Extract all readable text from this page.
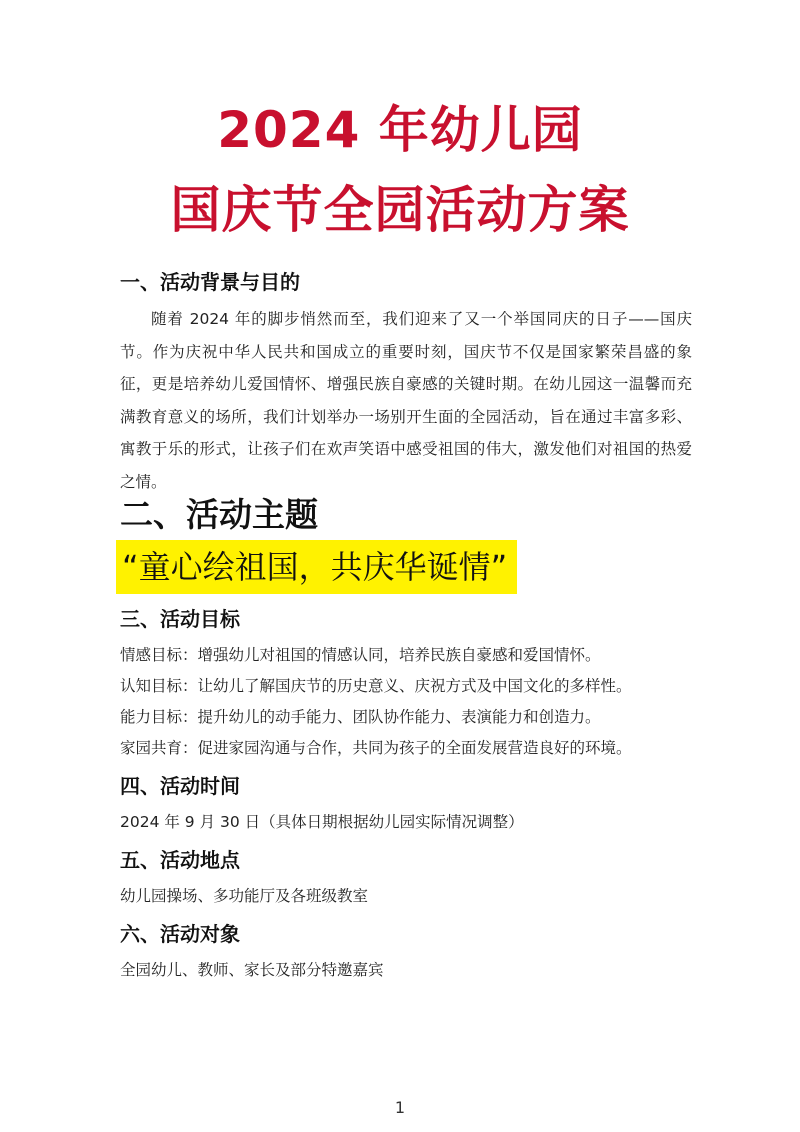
2024 年幼儿园
国庆节全园活动方案
一、活动背景与目的

随着 2024 年的脚步悄然而至，我们迎来了又一个举国同庆的日子——国庆节。作为庆祝中华人民共和国成立的重要时刻，国庆节不仅是国家繁荣昌盛的象征，更是培养幼儿爱国情怀、增强民族自豪感的关键时期。在幼儿园这一温馨而充满教育意义的场所，我们计划举办一场别开生面的全园活动，旨在通过丰富多彩、寓教于乐的形式，让孩子们在欢声笑语中感受祖国的伟大，激发他们对祖国的热爱之情。

二、活动主题
“童心绘祖国，共庆华诞情”
三、活动目标
情感目标：增强幼儿对祖国的情感认同，培养民族自豪感和爱国情怀。
认知目标：让幼儿了解国庆节的历史意义、庆祝方式及中国文化的多样性。
能力目标：提升幼儿的动手能力、团队协作能力、表演能力和创造力。
家园共育：促进家园沟通与合作，共同为孩子的全面发展营造良好的环境。
四、活动时间
2024 年 9 月 30 日（具体日期根据幼儿园实际情况调整）
五、活动地点
幼儿园操场、多功能厅及各班级教室
六、活动对象
全园幼儿、教师、家长及部分特邀嘉宾
1
